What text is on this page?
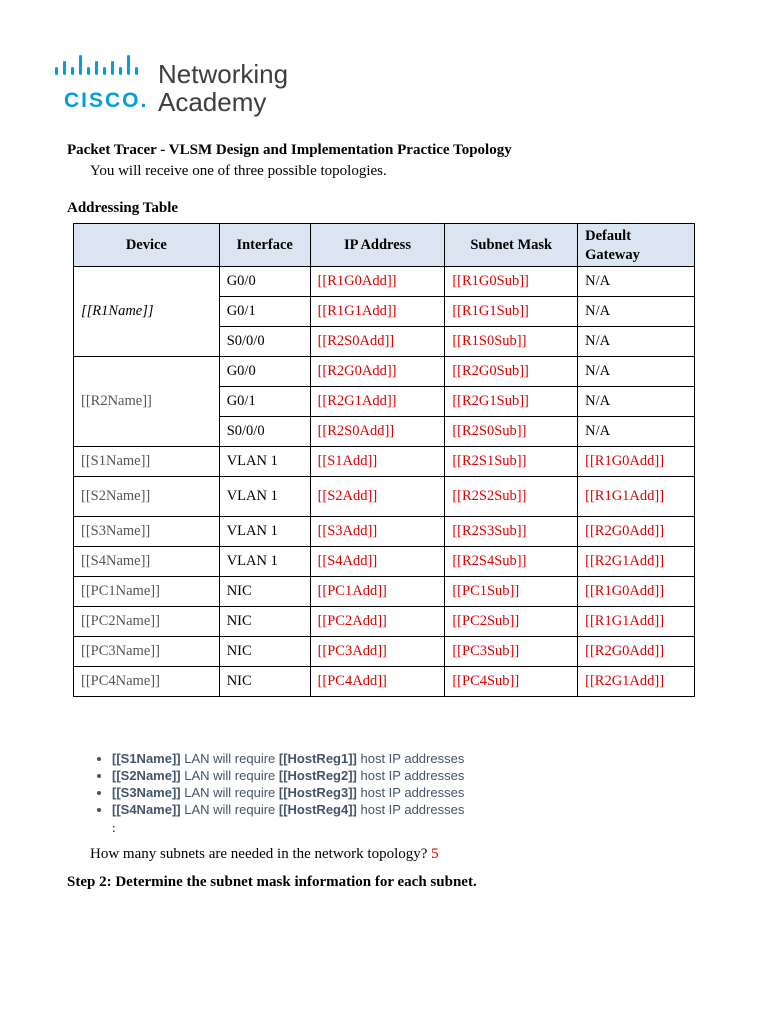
CISCO.
Networking
Academy
Packet Tracer - VLSM Design and Implementation Practice Topology
You will receive one of three possible topologies.
Addressing Table
Device	Interface	IP Address	Subnet Mask	Default Gateway
[[R1Name]]	G0/0	[[R1G0Add]]	[[R1G0Sub]]	N/A
	G0/1	[[R1G1Add]]	[[R1G1Sub]]	N/A
	S0/0/0	[[R2S0Add]]	[[R1S0Sub]]	N/A
[[R2Name]]	G0/0	[[R2G0Add]]	[[R2G0Sub]]	N/A
	G0/1	[[R2G1Add]]	[[R2G1Sub]]	N/A
	S0/0/0	[[R2S0Add]]	[[R2S0Sub]]	N/A
[[S1Name]]	VLAN 1	[[S1Add]]	[[R2S1Sub]]	[[R1G0Add]]
[[S2Name]]	VLAN 1	[[S2Add]]	[[R2S2Sub]]	[[R1G1Add]]
[[S3Name]]	VLAN 1	[[S3Add]]	[[R2S3Sub]]	[[R2G0Add]]
[[S4Name]]	VLAN 1	[[S4Add]]	[[R2S4Sub]]	[[R2G1Add]]
[[PC1Name]]	NIC	[[PC1Add]]	[[PC1Sub]]	[[R1G0Add]]
[[PC2Name]]	NIC	[[PC2Add]]	[[PC2Sub]]	[[R1G1Add]]
[[PC3Name]]	NIC	[[PC3Add]]	[[PC3Sub]]	[[R2G0Add]]
[[PC4Name]]	NIC	[[PC4Add]]	[[PC4Sub]]	[[R2G1Add]]
• [[S1Name]] LAN will require [[HostReg1]] host IP addresses
• [[S2Name]] LAN will require [[HostReg2]] host IP addresses
• [[S3Name]] LAN will require [[HostReg3]] host IP addresses
• [[S4Name]] LAN will require [[HostReg4]] host IP addresses
:
How many subnets are needed in the network topology? 5
Step 2: Determine the subnet mask information for each subnet.
